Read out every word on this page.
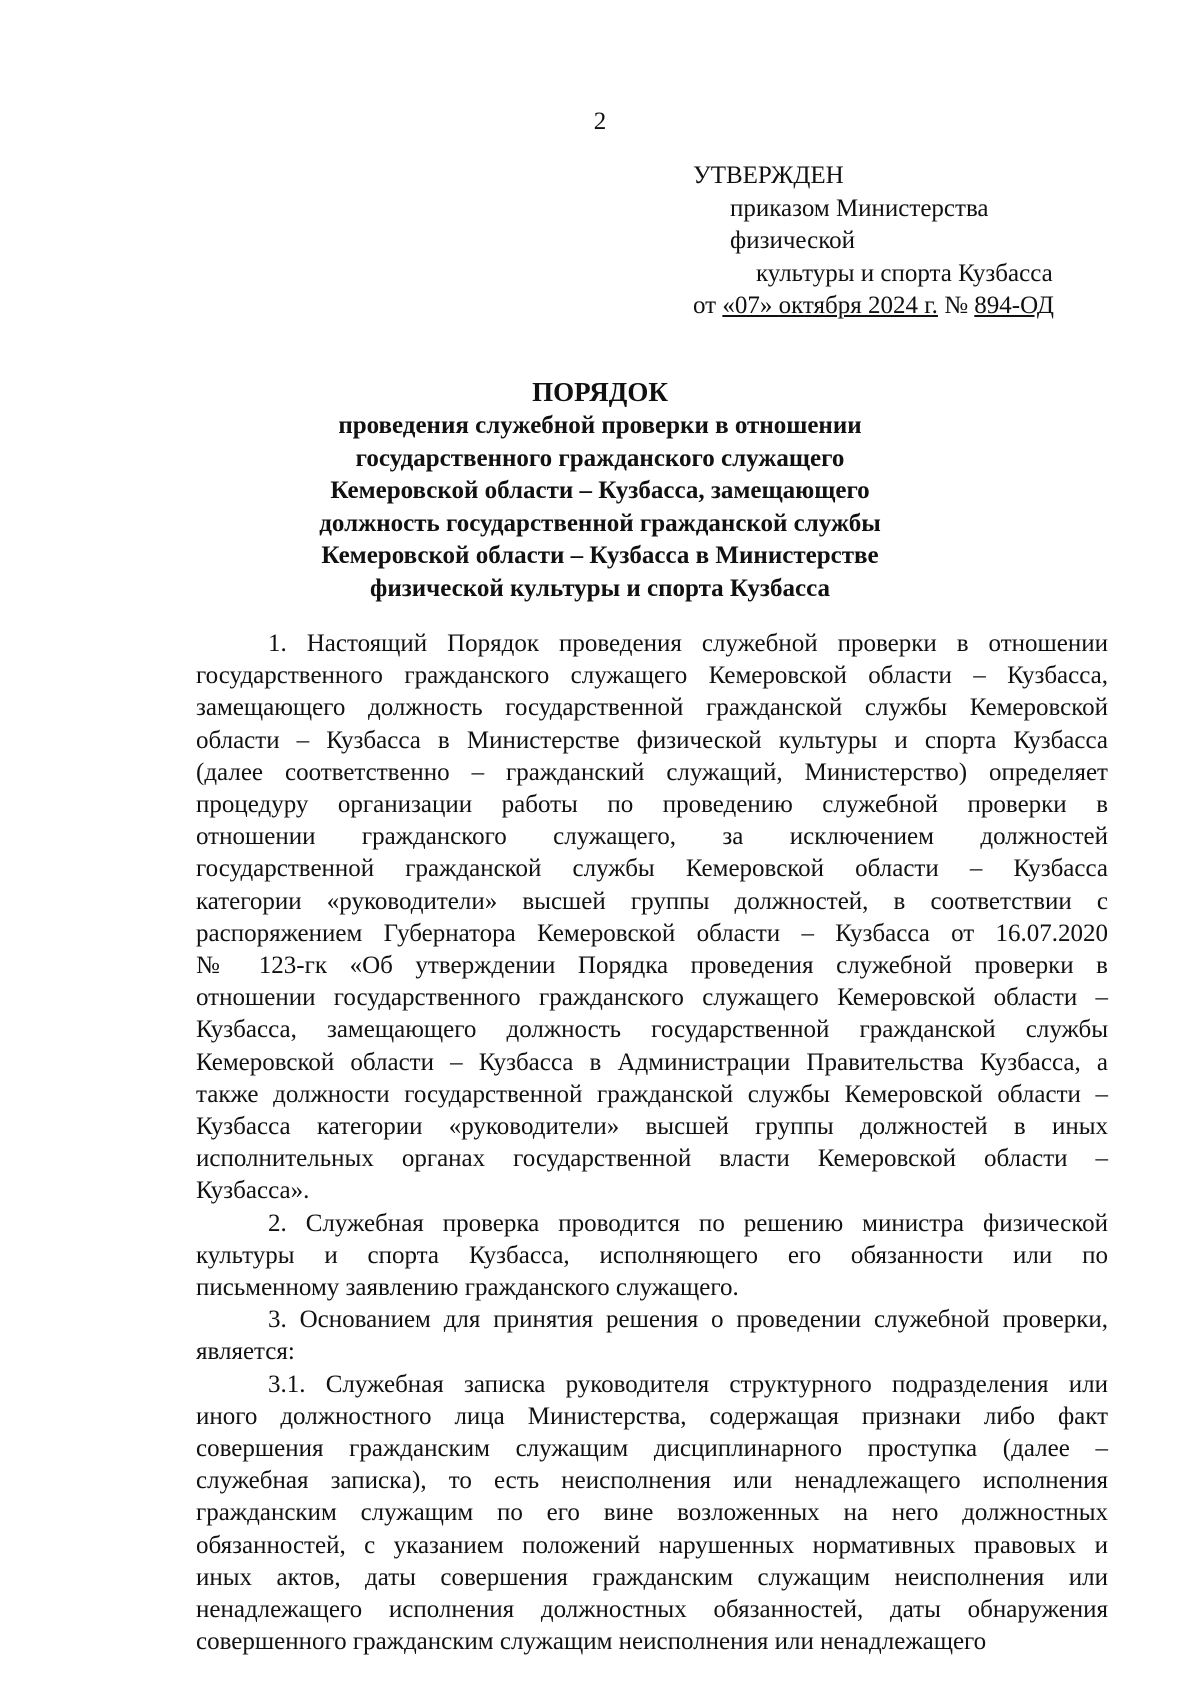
2
УТВЕРЖДЕН
приказом Министерства физической
культуры и спорта Кузбасса
от «07» октября 2024 г. № 894-ОД
ПОРЯДОК
проведения служебной проверки в отношении
государственного гражданского служащего
Кемеровской области – Кузбасса, замещающего
должность государственной гражданской службы
Кемеровской области – Кузбасса в Министерстве
физической культуры и спорта Кузбасса
1. Настоящий Порядок проведения служебной проверки в отношении
государственного гражданского служащего Кемеровской области – Кузбасса,
замещающего должность государственной гражданской службы Кемеровской
области – Кузбасса в Министерстве физической культуры и спорта Кузбасса
(далее соответственно – гражданский служащий, Министерство) определяет
процедуру организации работы по проведению служебной проверки в
отношении гражданского служащего, за исключением должностей
государственной гражданской службы Кемеровской области – Кузбасса
категории «руководители» высшей группы должностей, в соответствии с
распоряжением Губернатора Кемеровской области – Кузбасса от 16.07.2020
№ 123-гк «Об утверждении Порядка проведения служебной проверки в
отношении государственного гражданского служащего Кемеровской области –
Кузбасса, замещающего должность государственной гражданской службы
Кемеровской области – Кузбасса в Администрации Правительства Кузбасса, а
также должности государственной гражданской службы Кемеровской области –
Кузбасса категории «руководители» высшей группы должностей в иных
исполнительных органах государственной власти Кемеровской области –
Кузбасса».
2. Служебная проверка проводится по решению министра физической
культуры и спорта Кузбасса, исполняющего его обязанности или по
письменному заявлению гражданского служащего.
3. Основанием для принятия решения о проведении служебной проверки,
является:
3.1. Служебная записка руководителя структурного подразделения или
иного должностного лица Министерства, содержащая признаки либо факт
совершения гражданским служащим дисциплинарного проступка (далее –
служебная записка), то есть неисполнения или ненадлежащего исполнения
гражданским служащим по его вине возложенных на него должностных
обязанностей, с указанием положений нарушенных нормативных правовых и
иных актов, даты совершения гражданским служащим неисполнения или
ненадлежащего исполнения должностных обязанностей, даты обнаружения
совершенного гражданским служащим неисполнения или ненадлежащего
